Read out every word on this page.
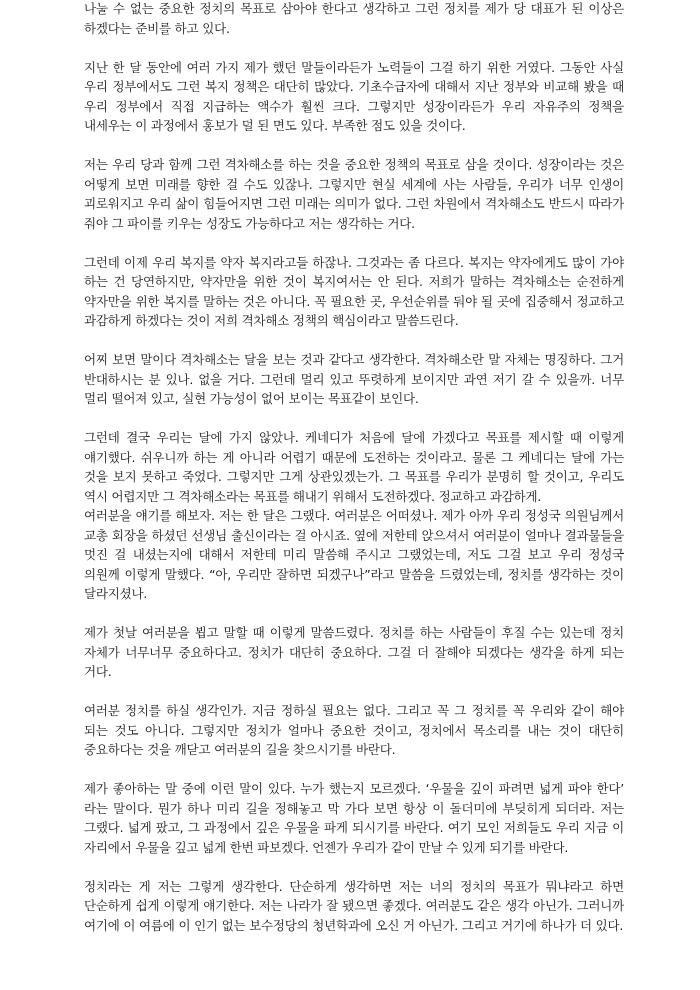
나눌 수 없는 중요한 정치의 목표로 삼아야 한다고 생각하고 그런 정치를 제가 당 대표가 된 이상은 하겠다는 준비를 하고 있다.

지난 한 달 동안에 여러 가지 제가 했던 말들이라든가 노력들이 그걸 하기 위한 거였다. 그동안 사실 우리 정부에서도 그런 복지 정책은 대단히 많았다. 기초수급자에 대해서 지난 정부와 비교해 봤을 때 우리 정부에서 직접 지급하는 액수가 훨씬 크다. 그렇지만 성장이라든가 우리 자유주의 정책을 내세우는 이 과정에서 홍보가 덜 된 면도 있다. 부족한 점도 있을 것이다.

저는 우리 당과 함께 그런 격차해소를 하는 것을 중요한 정책의 목표로 삼을 것이다. 성장이라는 것은 어떻게 보면 미래를 향한 걸 수도 있잖나. 그렇지만 현실 세계에 사는 사람들, 우리가 너무 인생이 괴로워지고 우리 삶이 힘들어지면 그런 미래는 의미가 없다. 그런 차원에서 격차해소도 반드시 따라가 줘야 그 파이를 키우는 성장도 가능하다고 저는 생각하는 거다.

그런데 이제 우리 복지를 약자 복지라고들 하잖나. 그것과는 좀 다르다. 복지는 약자에게도 많이 가야 하는 건 당연하지만, 약자만을 위한 것이 복지여서는 안 된다. 저희가 말하는 격차해소는 순전하게 약자만을 위한 복지를 말하는 것은 아니다. 꼭 필요한 곳, 우선순위를 둬야 될 곳에 집중해서 정교하고 과감하게 하겠다는 것이 저희 격차해소 정책의 핵심이라고 말씀드린다.

어찌 보면 말이다 격차해소는 달을 보는 것과 같다고 생각한다. 격차해소란 말 자체는 명징하다. 그거 반대하시는 분 있나. 없을 거다. 그런데 멀리 있고 뚜렷하게 보이지만 과연 저기 갈 수 있을까. 너무 멀리 떨어져 있고, 실현 가능성이 없어 보이는 목표같이 보인다.

그런데 결국 우리는 달에 가지 않았나. 케네디가 처음에 달에 가겠다고 목표를 제시할 때 이렇게 얘기했다. 쉬우니까 하는 게 아니라 어렵기 때문에 도전하는 것이라고. 물론 그 케네디는 달에 가는 것을 보지 못하고 죽었다. 그렇지만 그게 상관있겠는가. 그 목표를 우리가 분명히 할 것이고, 우리도 역시 어렵지만 그 격차해소라는 목표를 해내기 위해서 도전하겠다. 정교하고 과감하게.

여러분을 얘기를 해보자. 저는 한 달은 그랬다. 여러분은 어떠셨나. 제가 아까 우리 정성국 의원님께서 교총 회장을 하셨던 선생님 출신이라는 걸 아시죠. 옆에 저한테 앉으셔서 여러분이 얼마나 결과물들을 멋진 걸 내셨는지에 대해서 저한테 미리 말씀해 주시고 그랬었는데, 저도 그걸 보고 우리 정성국 의원께 이렇게 말했다. “아, 우리만 잘하면 되겠구나”라고 말씀을 드렸었는데, 정치를 생각하는 것이 달라지셨나.

제가 첫날 여러분을 뵙고 말할 때 이렇게 말씀드렸다. 정치를 하는 사람들이 후질 수는 있는데 정치 자체가 너무너무 중요하다고. 정치가 대단히 중요하다. 그걸 더 잘해야 되겠다는 생각을 하게 되는 거다.

여러분 정치를 하실 생각인가. 지금 정하실 필요는 없다. 그리고 꼭 그 정치를 꼭 우리와 같이 해야 되는 것도 아니다. 그렇지만 정치가 얼마나 중요한 것이고, 정치에서 목소리를 내는 것이 대단히 중요하다는 것을 깨닫고 여러분의 길을 찾으시기를 바란다.

제가 좋아하는 말 중에 이런 말이 있다. 누가 했는지 모르겠다. ‘우물을 깊이 파려면 넓게 파야 한다’ 라는 말이다. 뭔가 하나 미리 길을 정해놓고 막 가다 보면 항상 이 돌더미에 부딪히게 되더라. 저는 그랬다. 넓게 팠고, 그 과정에서 깊은 우물을 파게 되시기를 바란다. 여기 모인 저희들도 우리 지금 이 자리에서 우물을 깊고 넓게 한번 파보겠다. 언젠가 우리가 같이 만날 수 있게 되기를 바란다.

정치라는 게 저는 그렇게 생각한다. 단순하게 생각하면 저는 너의 정치의 목표가 뭐냐라고 하면 단순하게 쉽게 이렇게 얘기한다. 저는 나라가 잘 됐으면 좋겠다. 여러분도 같은 생각 아닌가. 그러니까 여기에 이 여름에 이 인기 없는 보수정당의 청년학과에 오신 거 아닌가. 그리고 거기에 하나가 더 있다.
